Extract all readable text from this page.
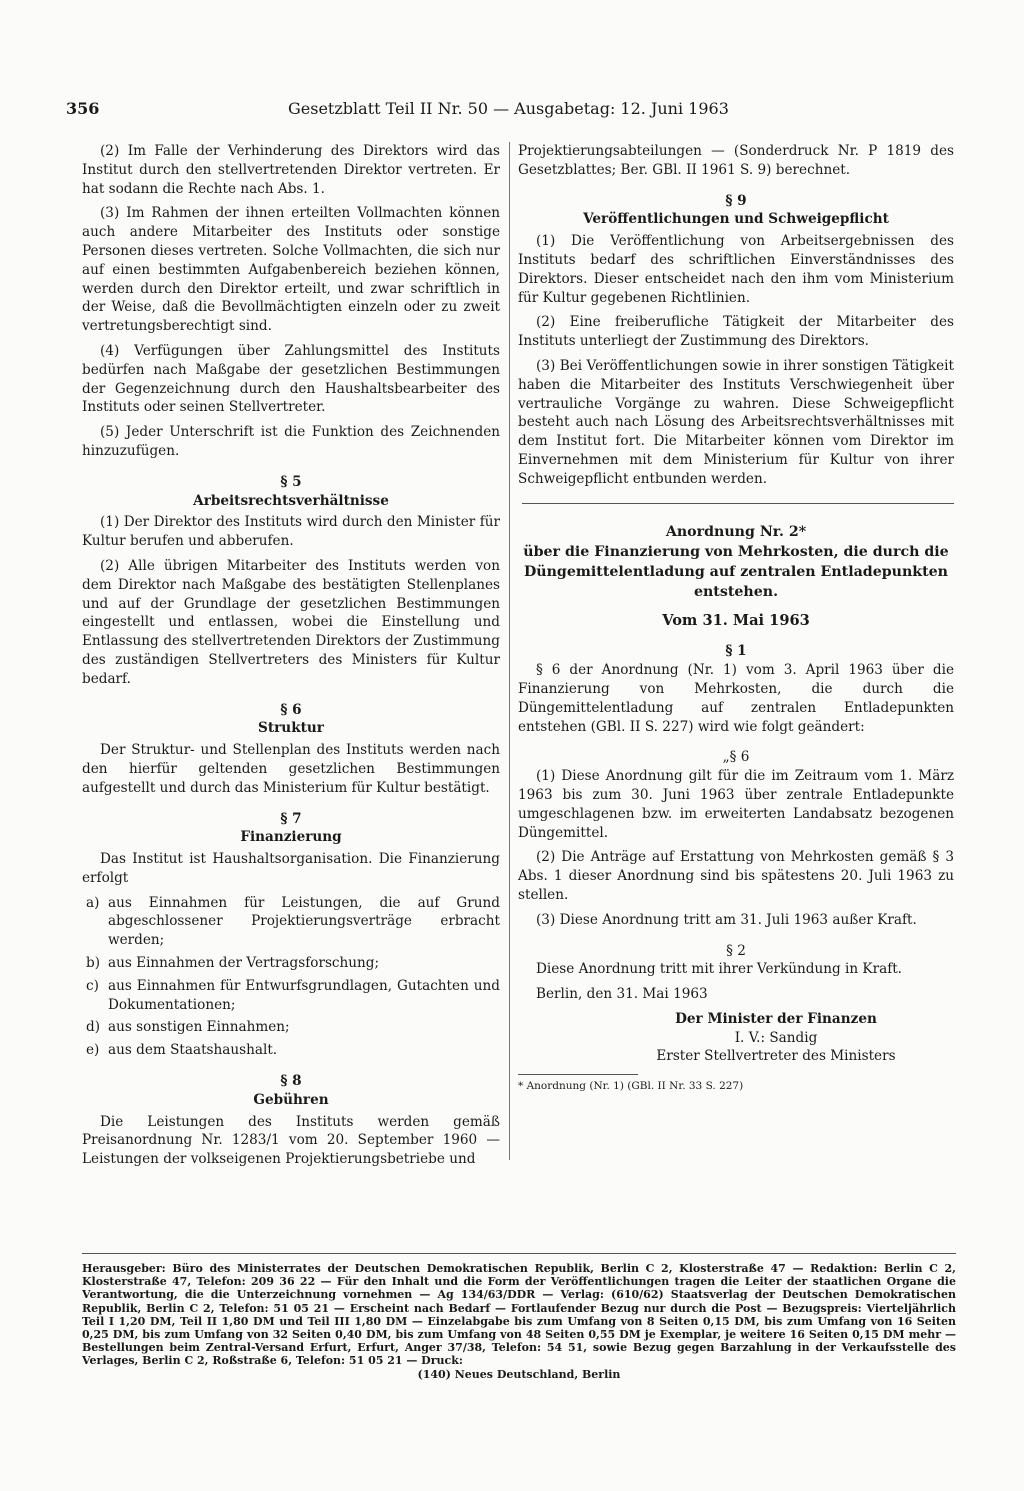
356	Gesetzblatt Teil II Nr. 50 — Ausgabetag: 12. Juni 1963

(2) Im Falle der Verhinderung des Direktors wird das Institut durch den stellvertretenden Direktor vertreten. Er hat sodann die Rechte nach Abs. 1.

(3) Im Rahmen der ihnen erteilten Vollmachten können auch andere Mitarbeiter des Instituts oder sonstige Personen dieses vertreten. Solche Vollmachten, die sich nur auf einen bestimmten Aufgabenbereich beziehen können, werden durch den Direktor erteilt, und zwar schriftlich in der Weise, daß die Bevollmächtigten einzeln oder zu zweit vertretungsberechtigt sind.

(4) Verfügungen über Zahlungsmittel des Instituts bedürfen nach Maßgabe der gesetzlichen Bestimmungen der Gegenzeichnung durch den Haushaltsbearbeiter des Instituts oder seinen Stellvertreter.

(5) Jeder Unterschrift ist die Funktion des Zeichnenden hinzuzufügen.

§ 5
Arbeitsrechtsverhältnisse

(1) Der Direktor des Instituts wird durch den Minister für Kultur berufen und abberufen.

(2) Alle übrigen Mitarbeiter des Instituts werden von dem Direktor nach Maßgabe des bestätigten Stellenplanes und auf der Grundlage der gesetzlichen Bestimmungen eingestellt und entlassen, wobei die Einstellung und Entlassung des stellvertretenden Direktors der Zustimmung des zuständigen Stellvertreters des Ministers für Kultur bedarf.

§ 6
Struktur

Der Struktur- und Stellenplan des Instituts werden nach den hierfür geltenden gesetzlichen Bestimmungen aufgestellt und durch das Ministerium für Kultur bestätigt.

§ 7
Finanzierung

Das Institut ist Haushaltsorganisation. Die Finanzierung erfolgt

a) aus Einnahmen für Leistungen, die auf Grund abgeschlossener Projektierungsverträge erbracht werden;
b) aus Einnahmen der Vertragsforschung;
c) aus Einnahmen für Entwurfsgrundlagen, Gutachten und Dokumentationen;
d) aus sonstigen Einnahmen;
e) aus dem Staatshaushalt.
§ 8
Gebühren

Die Leistungen des Instituts werden gemäß Preisanordnung Nr. 1283/1 vom 20. September 1960 — Leistungen der volkseigenen Projektierungsbetriebe und

Projektierungsabteilungen — (Sonderdruck Nr. P 1819 des Gesetzblattes; Ber. GBl. II 1961 S. 9) berechnet.

§ 9
Veröffentlichungen und Schweigepflicht

(1) Die Veröffentlichung von Arbeitsergebnissen des Instituts bedarf des schriftlichen Einverständnisses des Direktors. Dieser entscheidet nach den ihm vom Ministerium für Kultur gegebenen Richtlinien.

(2) Eine freiberufliche Tätigkeit der Mitarbeiter des Instituts unterliegt der Zustimmung des Direktors.

(3) Bei Veröffentlichungen sowie in ihrer sonstigen Tätigkeit haben die Mitarbeiter des Instituts Verschwiegenheit über vertrauliche Vorgänge zu wahren. Diese Schweigepflicht besteht auch nach Lösung des Arbeitsrechtsverhältnisses mit dem Institut fort. Die Mitarbeiter können vom Direktor im Einvernehmen mit dem Ministerium für Kultur von ihrer Schweigepflicht entbunden werden.

Anordnung Nr. 2*
über die Finanzierung von Mehrkosten, die durch die Düngemittelentladung auf zentralen Entladepunkten entstehen.
Vom 31. Mai 1963
§ 1

§ 6 der Anordnung (Nr. 1) vom 3. April 1963 über die Finanzierung von Mehrkosten, die durch die Düngemittelentladung auf zentralen Entladepunkten entstehen (GBl. II S. 227) wird wie folgt geändert:

„§ 6

(1) Diese Anordnung gilt für die im Zeitraum vom 1. März 1963 bis zum 30. Juni 1963 über zentrale Entladepunkte umgeschlagenen bzw. im erweiterten Landabsatz bezogenen Düngemittel.

(2) Die Anträge auf Erstattung von Mehrkosten gemäß § 3 Abs. 1 dieser Anordnung sind bis spätestens 20. Juli 1963 zu stellen.

(3) Diese Anordnung tritt am 31. Juli 1963 außer Kraft.

§ 2

Diese Anordnung tritt mit ihrer Verkündung in Kraft.

Berlin, den 31. Mai 1963

Der Minister der Finanzen
I. V.: Sandig
Erster Stellvertreter des Ministers
* Anordnung (Nr. 1) (GBl. II Nr. 33 S. 227)
Herausgeber: Büro des Ministerrates der Deutschen Demokratischen Republik, Berlin C 2, Klosterstraße 47 — Redaktion: Berlin C 2, Klosterstraße 47, Telefon: 209 36 22 — Für den Inhalt und die Form der Veröffentlichungen tragen die Leiter der staatlichen Organe die Verantwortung, die die Unterzeichnung vornehmen — Ag 134/63/DDR — Verlag: (610/62) Staatsverlag der Deutschen Demokratischen Republik, Berlin C 2, Telefon: 51 05 21 — Erscheint nach Bedarf — Fortlaufender Bezug nur durch die Post — Bezugspreis: Vierteljährlich Teil I 1,20 DM, Teil II 1,80 DM und Teil III 1,80 DM — Einzelabgabe bis zum Umfang von 8 Seiten 0,15 DM, bis zum Umfang von 16 Seiten 0,25 DM, bis zum Umfang von 32 Seiten 0,40 DM, bis zum Umfang von 48 Seiten 0,55 DM je Exemplar, je weitere 16 Seiten 0,15 DM mehr — Bestellungen beim Zentral-Versand Erfurt, Erfurt, Anger 37/38, Telefon: 54 51, sowie Bezug gegen Barzahlung in der Verkaufsstelle des Verlages, Berlin C 2, Roßstraße 6, Telefon: 51 05 21 — Druck:
(140) Neues Deutschland, Berlin
